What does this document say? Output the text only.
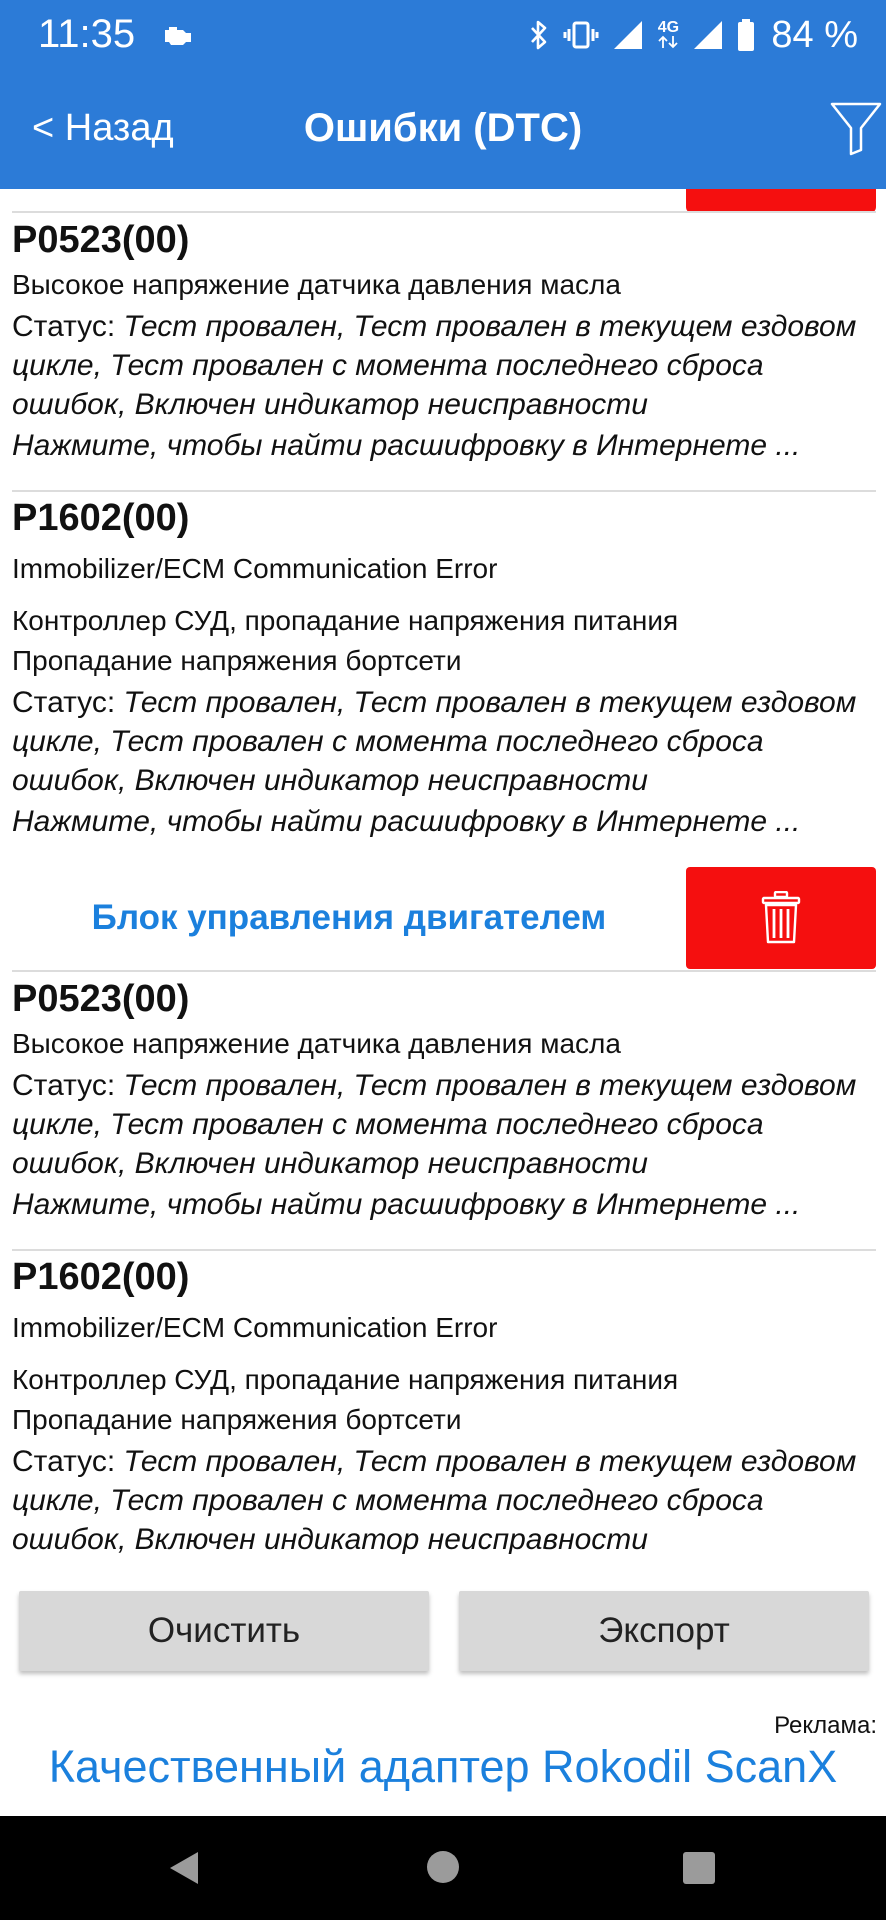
11:35	4G 84 %
< Назад	Ошибки (DTC)
P0523(00)
Высокое напряжение датчика давления масла
Статус: Тест провален, Тест провален в текущем ездовом цикле, Тест провален с момента последнего сброса ошибок, Включен индикатор неисправности
Нажмите, чтобы найти расшифровку в Интернете ...
P1602(00)
Immobilizer/ECM Communication Error
Контроллер СУД, пропадание напряжения питания
Пропадание напряжения бортсети
Статус: Тест провален, Тест провален в текущем ездовом цикле, Тест провален с момента последнего сброса ошибок, Включен индикатор неисправности
Нажмите, чтобы найти расшифровку в Интернете ...
Блок управления двигателем
P0523(00)
Высокое напряжение датчика давления масла
Статус: Тест провален, Тест провален в текущем ездовом цикле, Тест провален с момента последнего сброса ошибок, Включен индикатор неисправности
Нажмите, чтобы найти расшифровку в Интернете ...
P1602(00)
Immobilizer/ECM Communication Error
Контроллер СУД, пропадание напряжения питания
Пропадание напряжения бортсети
Статус: Тест провален, Тест провален в текущем ездовом цикле, Тест провален с момента последнего сброса ошибок, Включен индикатор неисправности
Очистить	Экспорт
Реклама:
Качественный адаптер Rokodil ScanX
